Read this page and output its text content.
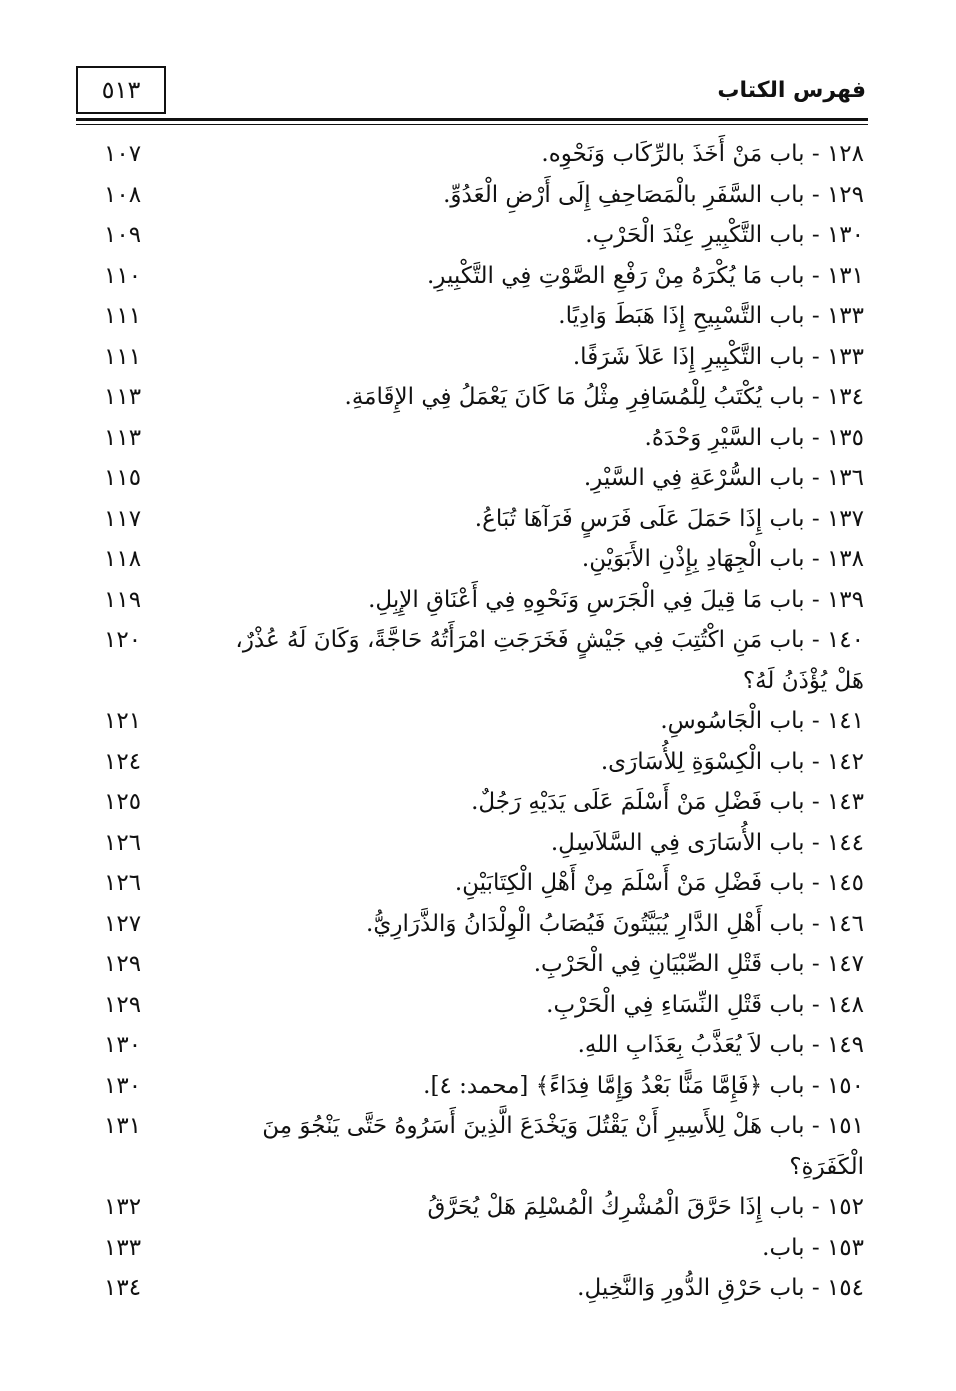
٥١٣	فهرس الكتاب
١٢٨ - باب مَنْ أَخَذَ بالرِّكَاب وَنَحْوِه.
١٠٧
١٢٩ - باب السَّفَرِ بالْمَصَاحِفِ إِلَى أَرْضِ الْعَدُوِّ.
١٠٨
١٣٠ - باب التَّكْبِيرِ عِنْدَ الْحَرْبِ.
١٠٩
١٣١ - باب مَا يُكْرَهُ مِنْ رَفْعِ الصَّوْتِ فِي التَّكْبِيرِ.
١١٠
١٣٣ - باب التَّسْبِيحِ إِذَا هَبَطَ وَادِيًا.
١١١
١٣٣ - باب التَّكْبِيرِ إِذَا عَلاَ شَرَفًا.
١١١
١٣٤ - باب يُكْتَبُ لِلْمُسَافِرِ مِثْلُ مَا كَانَ يَعْمَلُ فِي الإِقَامَةِ.
١١٣
١٣٥ - باب السَّيْرِ وَحْدَهُ.
١١٣
١٣٦ - باب السُّرْعَةِ فِي السَّيْرِ.
١١٥
١٣٧ - باب إِذَا حَمَلَ عَلَى فَرَسٍ فَرَآهَا تُبَاعُ.
١١٧
١٣٨ - باب الْجِهَادِ بِإِذْنِ الأَبَوَيْنِ.
١١٨
١٣٩ - باب مَا قِيلَ فِي الْجَرَسِ وَنَحْوِهِ فِي أَعْنَاقِ الإِبِلِ.
١١٩
١٤٠ - باب مَنِ اكْتُتِبَ فِي جَيْشٍ فَخَرَجَتِ امْرَأَتُهُ حَاجَّةً، وَكَانَ لَهُ عُذْرٌ، هَلْ يُؤْذَنُ لَهُ؟
١٢٠
١٤١ - باب الْجَاسُوسِ.
١٢١
١٤٢ - باب الْكِسْوَةِ لِلأُسَارَى.
١٢٤
١٤٣ - باب فَضْلِ مَنْ أَسْلَمَ عَلَى يَدَيْهِ رَجُلٌ.
١٢٥
١٤٤ - باب الأُسَارَى فِي السَّلاَسِلِ.
١٢٦
١٤٥ - باب فَضْلِ مَنْ أَسْلَمَ مِنْ أَهْلِ الْكِتَابَيْنِ.
١٢٦
١٤٦ - باب أَهْلِ الدَّارِ يُبَيَّتُونَ فَيُصَابُ الْوِلْدَانُ وَالذَّرَارِيُّ.
١٢٧
١٤٧ - باب قَتْلِ الصِّبْيَانِ فِي الْحَرْبِ.
١٢٩
١٤٨ - باب قَتْلِ النِّسَاءِ فِي الْحَرْبِ.
١٢٩
١٤٩ - باب لاَ يُعَذَّبُ بِعَذَابِ اللهِ.
١٣٠
١٥٠ - باب ﴿فَإِمَّا مَنًّا بَعْدُ وَإِمَّا فِدَاءً﴾ [محمد: ٤].
١٣٠
١٥١ - باب هَلْ لِلأَسِيرِ أَنْ يَقْتُلَ وَيَخْدَعَ الَّذِينَ أَسَرُوهُ حَتَّى يَنْجُوَ مِنَ الْكَفَرَةِ؟
١٣١
١٥٢ - باب إِذَا حَرَّقَ الْمُشْرِكُ الْمُسْلِمَ هَلْ يُحَرَّقُ
١٣٢
١٥٣ - باب.
١٣٣
١٥٤ - باب حَرْقِ الدُّورِ وَالنَّخِيلِ.
١٣٤
